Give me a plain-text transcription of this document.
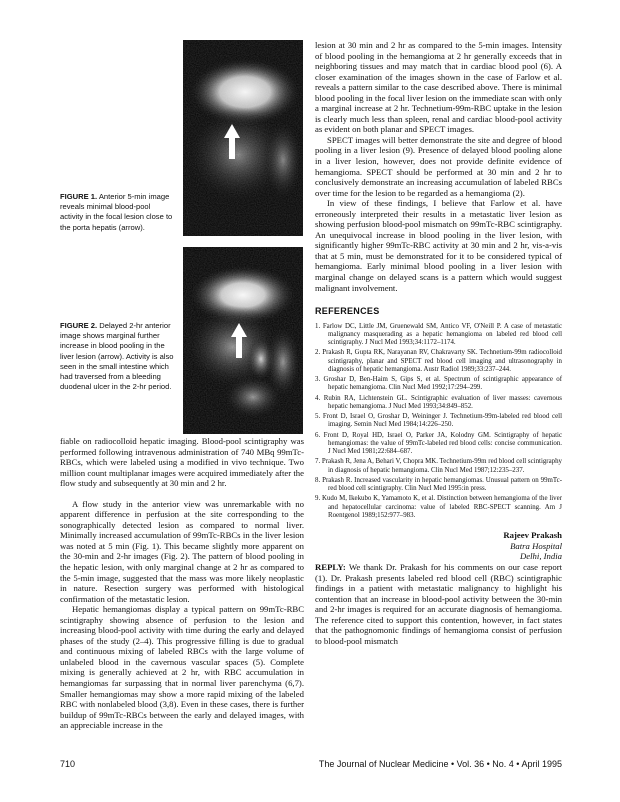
FIGURE 1. Anterior 5-min image reveals minimal blood-pool activity in the focal lesion close to the porta hepatis (arrow).
Anterior 5-min scintigram
Delayed 2-hr anterior scintigram
FIGURE 2. Delayed 2-hr anterior image shows marginal further increase in blood pooling in the liver lesion (arrow). Activity is also seen in the small intestine which had traversed from a bleeding duodenal ulcer in the 2-hr period.

fiable on radiocolloid hepatic imaging. Blood-pool scintigraphy was performed following intravenous administration of 740 MBq 99mTc-RBCs, which were labeled using a modified in vivo technique. Two million count multiplanar images were acquired immediately after the flow study and subsequently at 30 min and 2 hr.

A flow study in the anterior view was unremarkable with no apparent difference in perfusion at the site corresponding to the sonographically detected lesion as compared to normal liver. Minimally increased accumulation of 99mTc-RBCs in the liver lesion was noted at 5 min (Fig. 1). This became slightly more apparent on the 30-min and 2-hr images (Fig. 2). The pattern of blood pooling in the hepatic lesion, with only marginal change at 2 hr as compared to the 5-min image, suggested that the mass was more likely neoplastic in nature. Resection surgery was performed with histological confirmation of the metastatic lesion.

Hepatic hemangiomas display a typical pattern on 99mTc-RBC scintigraphy showing absence of perfusion to the lesion and increasing blood-pool activity with time during the early and delayed phases of the study (2–4). This progressive filling is due to gradual and continuous mixing of labeled RBCs with the large volume of unlabeled blood in the cavernous vascular spaces (5). Complete mixing is generally achieved at 2 hr, with RBC accumulation in hemangiomas far surpassing that in normal liver parenchyma (6,7). Smaller hemangiomas may show a more rapid mixing of the labeled RBC with nonlabeled blood (3,8). Even in these cases, there is further buildup of 99mTc-RBCs between the early and delayed images, with an appreciable increase in the

lesion at 30 min and 2 hr as compared to the 5-min images. Intensity of blood pooling in the hemangioma at 2 hr generally exceeds that in neighboring tissues and may match that in cardiac blood pool (6). A closer examination of the images shown in the case of Farlow et al. reveals a pattern similar to the case described above. There is minimal blood pooling in the focal liver lesion on the immediate scan with only a marginal increase at 2 hr. Technetium-99m-RBC uptake in the lesion is clearly much less than spleen, renal and cardiac blood-pool activity as evident on both planar and SPECT images.

SPECT images will better demonstrate the site and degree of blood pooling in a liver lesion (9). Presence of delayed blood pooling alone in a liver lesion, however, does not provide definite evidence of hemangioma. SPECT should be performed at 30 min and 2 hr to conclusively demonstrate an increasing accumulation of labeled RBCs over time for the lesion to be regarded as a hemangioma (2).

In view of these findings, I believe that Farlow et al. have erroneously interpreted their results in a metastatic liver lesion as showing perfusion blood-pool mismatch on 99mTc-RBC scintigraphy. An unequivocal increase in blood pooling in the liver lesion, with significantly higher 99mTc-RBC activity at 30 min and 2 hr, vis-a-vis that at 5 min, must be demonstrated for it to be considered typical of hemangioma. Early minimal blood pooling in a liver lesion with marginal change on delayed scans is a pattern which would suggest malignant involvement.

REFERENCES
1. Farlow DC, Little JM, Gruenewald SM, Antico VF, O'Neill P. A case of metastatic malignancy masquerading as a hepatic hemangioma on labeled red blood cell scintigraphy. J Nucl Med 1993;34:1172–1174.
2. Prakash R, Gupta RK, Narayanan RV, Chakravarty SK. Technetium-99m radiocolloid scintigraphy, planar and SPECT red blood cell imaging and ultrasonography in diagnosis of hepatic hemangioma. Austr Radiol 1989;33:237–244.
3. Groshar D, Ben-Haim S, Gips S, et al. Spectrum of scintigraphic appearance of hepatic hemangioma. Clin Nucl Med 1992;17:294–299.
4. Rubin RA, Lichtenstein GL. Scintigraphic evaluation of liver masses: cavernous hepatic hemangioma. J Nucl Med 1993;34:849–852.
5. Front D, Israel O, Groshar D, Weininger J. Technetium-99m-labeled red blood cell imaging. Semin Nucl Med 1984;14:226–250.
6. Front D, Royal HD, Israel O, Parker JA, Kolodny GM. Scintigraphy of hepatic hemangiomas: the value of 99mTc-labeled red blood cells: concise communication. J Nucl Med 1981;22:684–687.
7. Prakash R, Jena A, Behari V, Chopra MK. Technetium-99m red blood cell scintigraphy in diagnosis of hepatic hemangioma. Clin Nucl Med 1987;12:235–237.
8. Prakash R. Increased vascularity in hepatic hemangiomas. Unusual pattern on 99mTc-red blood cell scintigraphy. Clin Nucl Med 1995:in press.
9. Kudo M, Ikekubo K, Yamamoto K, et al. Distinction between hemangioma of the liver and hepatocellular carcinoma: value of labeled RBC-SPECT scanning. Am J Roentgenol 1989;152:977–983.
Rajeev Prakash
Batra Hospital
Delhi, India

REPLY: We thank Dr. Prakash for his comments on our case report (1). Dr. Prakash presents labeled red blood cell (RBC) scintigraphic findings in a patient with metastatic malignancy to highlight his contention that an increase in blood-pool activity between the 30-min and 2-hr images is required for an accurate diagnosis of hemangioma. The reference cited to support this contention, however, in fact states that the pathognomonic findings of hemangioma consist of perfusion to blood-pool mismatch

710	The Journal of Nuclear Medicine • Vol. 36 • No. 4 • April 1995
